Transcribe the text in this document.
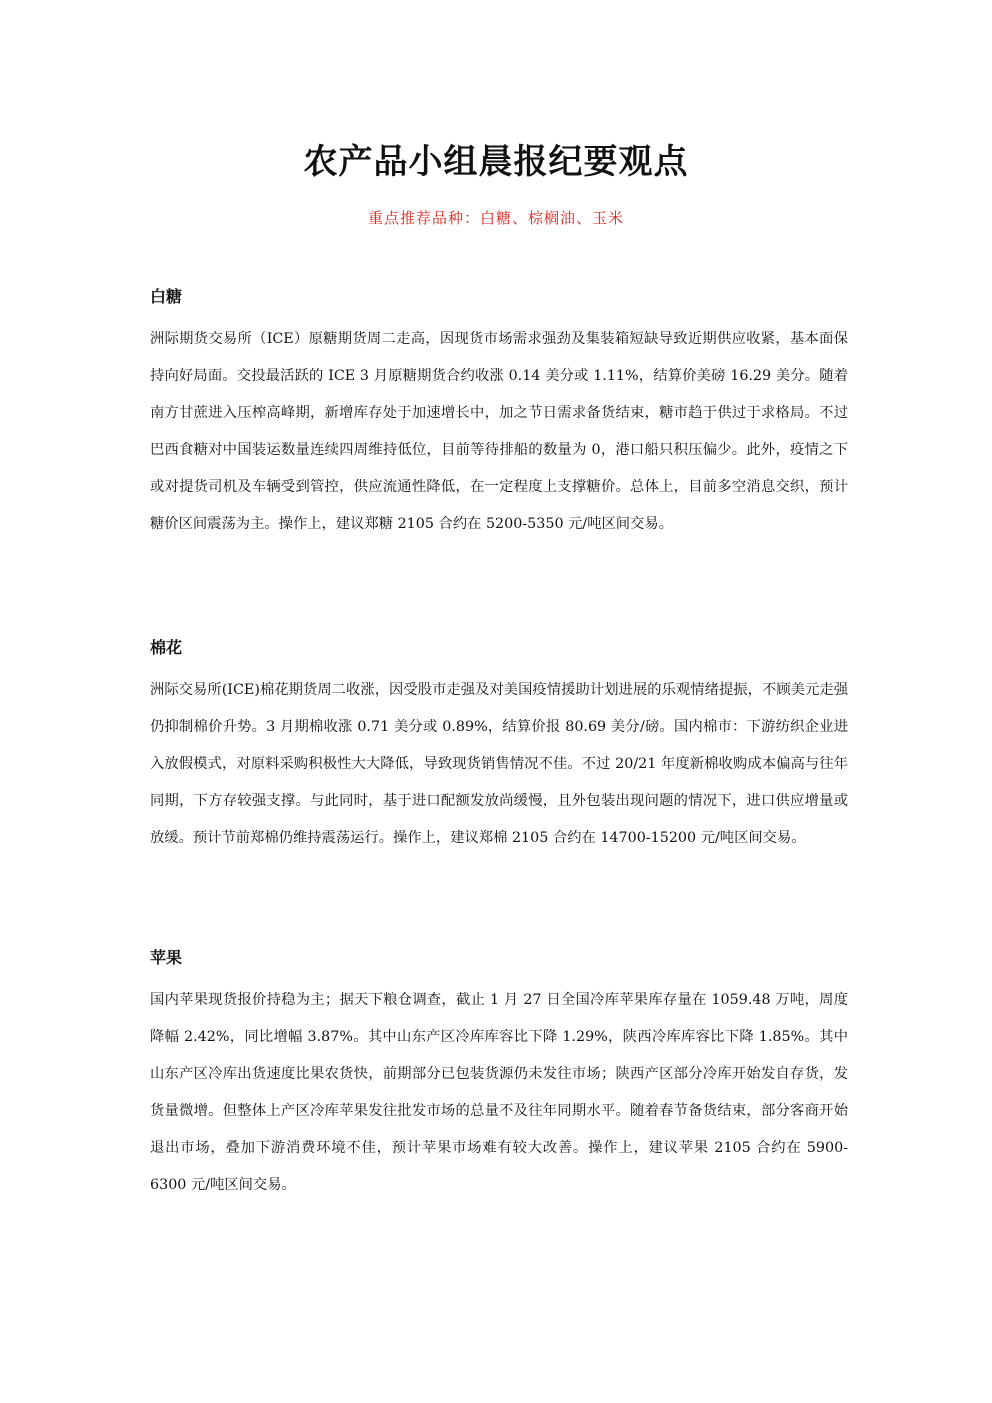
农产品小组晨报纪要观点
重点推荐品种：白糖、棕榈油、玉米
白糖

洲际期货交易所（ICE）原糖期货周二走高，因现货市场需求强劲及集装箱短缺导致近期供应收紧，基本面保持向好局面。交投最活跃的 ICE 3 月原糖期货合约收涨 0.14 美分或 1.11%，结算价美磅 16.29 美分。随着南方甘蔗进入压榨高峰期，新增库存处于加速增长中，加之节日需求备货结束，糖市趋于供过于求格局。不过巴西食糖对中国装运数量连续四周维持低位，目前等待排船的数量为 0，港口船只积压偏少。此外，疫情之下或对提货司机及车辆受到管控，供应流通性降低，在一定程度上支撑糖价。总体上，目前多空消息交织，预计糖价区间震荡为主。操作上，建议郑糖 2105 合约在 5200-5350 元/吨区间交易。

棉花

洲际交易所(ICE)棉花期货周二收涨，因受股市走强及对美国疫情援助计划进展的乐观情绪提振，不顾美元走强仍抑制棉价升势。3 月期棉收涨 0.71 美分或 0.89%，结算价报 80.69 美分/磅。国内棉市：下游纺织企业进入放假模式，对原料采购积极性大大降低，导致现货销售情况不佳。不过 20/21 年度新棉收购成本偏高与往年同期，下方存较强支撑。与此同时，基于进口配额发放尚缓慢，且外包装出现问题的情况下，进口供应增量或放缓。预计节前郑棉仍维持震荡运行。操作上，建议郑棉 2105 合约在 14700-15200 元/吨区间交易。

苹果

国内苹果现货报价持稳为主；据天下粮仓调查，截止 1 月 27 日全国冷库苹果库存量在 1059.48 万吨，周度降幅 2.42%，同比增幅 3.87%。其中山东产区冷库库容比下降 1.29%，陕西冷库库容比下降 1.85%。其中山东产区冷库出货速度比果农货快，前期部分已包装货源仍未发往市场；陕西产区部分冷库开始发自存货，发货量微增。但整体上产区冷库苹果发往批发市场的总量不及往年同期水平。随着春节备货结束，部分客商开始退出市场，叠加下游消费环境不佳，预计苹果市场难有较大改善。操作上，建议苹果 2105 合约在 5900-6300 元/吨区间交易。
